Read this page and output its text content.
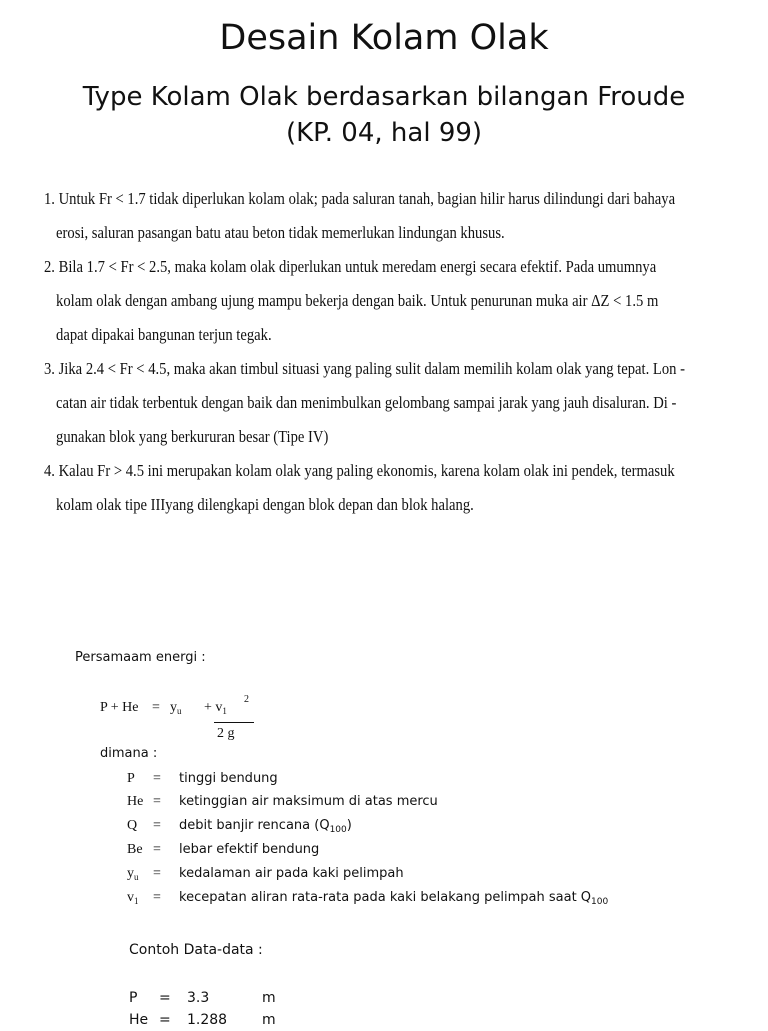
Desain Kolam Olak
Type Kolam Olak berdasarkan bilangan Froude
(KP. 04, hal 99)
1. Untuk Fr < 1.7 tidak diperlukan kolam olak; pada saluran tanah, bagian hilir harus dilindungi dari bahaya
erosi, saluran pasangan batu atau beton tidak memerlukan lindungan khusus.
2. Bila 1.7 < Fr < 2.5, maka kolam olak diperlukan untuk meredam energi secara efektif. Pada umumnya
kolam olak dengan ambang ujung mampu bekerja dengan baik. Untuk penurunan muka air ΔZ < 1.5 m
dapat dipakai bangunan terjun tegak.
3. Jika 2.4 < Fr < 4.5, maka akan timbul situasi yang paling sulit dalam memilih kolam olak yang tepat. Lon -
catan air tidak terbentuk dengan baik dan menimbulkan gelombang sampai jarak yang jauh disaluran. Di -
gunakan blok yang berkururan besar (Tipe IV)
4. Kalau Fr > 4.5 ini merupakan kolam olak yang paling ekonomis, karena kolam olak ini pendek, termasuk
kolam olak tipe IIIyang dilengkapi dengan blok depan dan blok halang.
Persamaam energi :
$P + He = y_u + v_1$
2
2 g
dimana :
P	= tinggi bendung
He = ketinggian air maksimum di atas mercu
Q	= debit banjir rencana $(Q_{100})$
Be = lebar efektif bendung
$y_u$	= kedalaman air pada kaki pelimpah
$v_1$	= kecepatan aliran rata-rata pada kaki belakang pelimpah saat $Q_{100}$
Contoh Data-data :
P = 3.3	m
He = 1.288 m
